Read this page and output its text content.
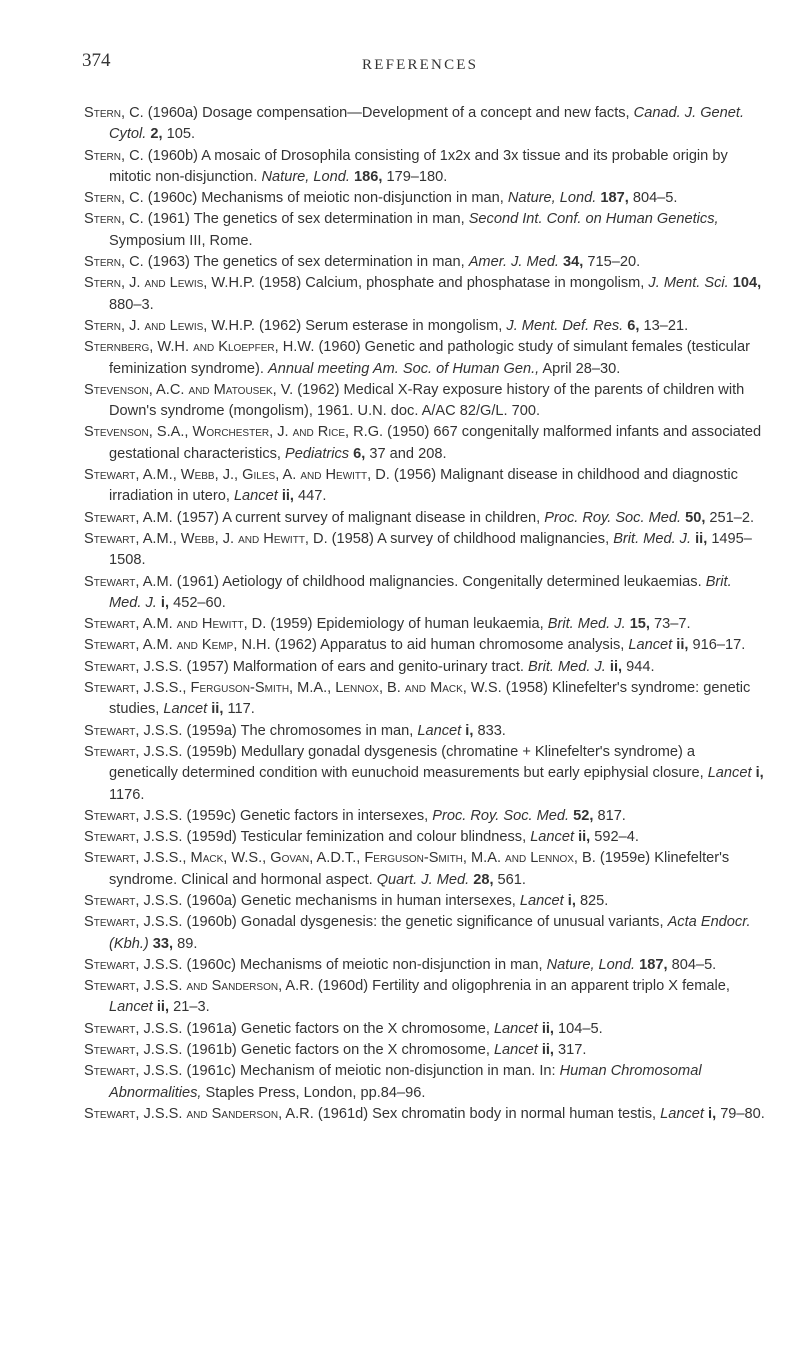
374	REFERENCES

Stern, C. (1960a) Dosage compensation—Development of a concept and new facts, Canad. J. Genet. Cytol. 2, 105.

Stern, C. (1960b) A mosaic of Drosophila consisting of 1x2x and 3x tissue and its probable origin by mitotic non-disjunction. Nature, Lond. 186, 179–180.

Stern, C. (1960c) Mechanisms of meiotic non-disjunction in man, Nature, Lond. 187, 804–5.

Stern, C. (1961) The genetics of sex determination in man, Second Int. Conf. on Human Genetics, Symposium III, Rome.

Stern, C. (1963) The genetics of sex determination in man, Amer. J. Med. 34, 715–20.

Stern, J. and Lewis, W.H.P. (1958) Calcium, phosphate and phosphatase in mongolism, J. Ment. Sci. 104, 880–3.

Stern, J. and Lewis, W.H.P. (1962) Serum esterase in mongolism, J. Ment. Def. Res. 6, 13–21.

Sternberg, W.H. and Kloepfer, H.W. (1960) Genetic and pathologic study of simulant females (testicular feminization syndrome). Annual meeting Am. Soc. of Human Gen., April 28–30.

Stevenson, A.C. and Matousek, V. (1962) Medical X-Ray exposure history of the parents of children with Down's syndrome (mongolism), 1961. U.N. doc. A/AC 82/G/L. 700.

Stevenson, S.A., Worchester, J. and Rice, R.G. (1950) 667 congenitally malformed infants and associated gestational characteristics, Pediatrics 6, 37 and 208.

Stewart, A.M., Webb, J., Giles, A. and Hewitt, D. (1956) Malignant disease in childhood and diagnostic irradiation in utero, Lancet ii, 447.

Stewart, A.M. (1957) A current survey of malignant disease in children, Proc. Roy. Soc. Med. 50, 251–2.

Stewart, A.M., Webb, J. and Hewitt, D. (1958) A survey of childhood malignancies, Brit. Med. J. ii, 1495–1508.

Stewart, A.M. (1961) Aetiology of childhood malignancies. Congenitally determined leukaemias. Brit. Med. J. i, 452–60.

Stewart, A.M. and Hewitt, D. (1959) Epidemiology of human leukaemia, Brit. Med. J. 15, 73–7.

Stewart, A.M. and Kemp, N.H. (1962) Apparatus to aid human chromosome analysis, Lancet ii, 916–17.

Stewart, J.S.S. (1957) Malformation of ears and genito-urinary tract. Brit. Med. J. ii, 944.

Stewart, J.S.S., Ferguson-Smith, M.A., Lennox, B. and Mack, W.S. (1958) Klinefelter's syndrome: genetic studies, Lancet ii, 117.

Stewart, J.S.S. (1959a) The chromosomes in man, Lancet i, 833.

Stewart, J.S.S. (1959b) Medullary gonadal dysgenesis (chromatine + Klinefelter's syndrome) a genetically determined condition with eunuchoid measurements but early epiphysial closure, Lancet i, 1176.

Stewart, J.S.S. (1959c) Genetic factors in intersexes, Proc. Roy. Soc. Med. 52, 817.

Stewart, J.S.S. (1959d) Testicular feminization and colour blindness, Lancet ii, 592–4.

Stewart, J.S.S., Mack, W.S., Govan, A.D.T., Ferguson-Smith, M.A. and Lennox, B. (1959e) Klinefelter's syndrome. Clinical and hormonal aspect. Quart. J. Med. 28, 561.

Stewart, J.S.S. (1960a) Genetic mechanisms in human intersexes, Lancet i, 825.

Stewart, J.S.S. (1960b) Gonadal dysgenesis: the genetic significance of unusual variants, Acta Endocr. (Kbh.) 33, 89.

Stewart, J.S.S. (1960c) Mechanisms of meiotic non-disjunction in man, Nature, Lond. 187, 804–5.

Stewart, J.S.S. and Sanderson, A.R. (1960d) Fertility and oligophrenia in an apparent triplo X female, Lancet ii, 21–3.

Stewart, J.S.S. (1961a) Genetic factors on the X chromosome, Lancet ii, 104–5.

Stewart, J.S.S. (1961b) Genetic factors on the X chromosome, Lancet ii, 317.

Stewart, J.S.S. (1961c) Mechanism of meiotic non-disjunction in man. In: Human Chromosomal Abnormalities, Staples Press, London, pp.84–96.

Stewart, J.S.S. and Sanderson, A.R. (1961d) Sex chromatin body in normal human testis, Lancet i, 79–80.
